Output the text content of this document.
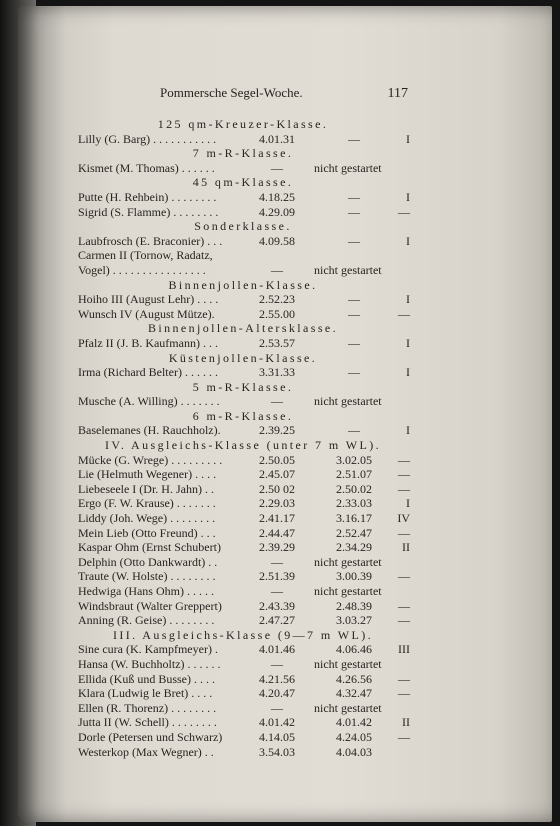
Pommersche Segel-Woche.	117
125 qm-Kreuzer-Klasse.
Lilly (G. Barg) . . . . . . . . . . .	4.01.31	—	I
7 m-R-Klasse.
Kismet (M. Thomas) . . . . . .	—	nicht gestartet
45 qm-Klasse.
Putte (H. Rehbein) . . . . . . . .	4.18.25	—	I
Sigrid (S. Flamme) . . . . . . . .	4.29.09	—	—
Sonderklasse.
Laubfrosch (E. Braconier) . . .	4.09.58	—	I
Carmen II (Tornow, Radatz,
Vogel) . . . . . . . . . . . . . . . .	—	nicht gestartet
Binnenjollen-Klasse.
Hoiho III (August Lehr) . . . .	2.52.23	—	I
Wunsch IV (August Mütze).	2.55.00	—	—
Binnenjollen-Altersklasse.
Pfalz II (J. B. Kaufmann) . . .	2.53.57	—	I
Küstenjollen-Klasse.
Irma (Richard Belter) . . . . . .	3.31.33	—	I
5 m-R-Klasse.
Musche (A. Willing) . . . . . . .	—	nicht gestartet
6 m-R-Klasse.
Baselemanes (H. Rauchholz).	2.39.25	—	I
IV. Ausgleichs-Klasse (unter 7 m WL).
Mücke (G. Wrege) . . . . . . . . .	2.50.05	3.02.05	—
Lie (Helmuth Wegener) . . . .	2.45.07	2.51.07	—
Liebeseele I (Dr. H. Jahn) . .	2.50 02	2.50.02	—
Ergo (F. W. Krause) . . . . . . .	2.29.03	2.33.03	I
Liddy (Joh. Wege) . . . . . . . .	2.41.17	3.16.17	IV
Mein Lieb (Otto Freund) . . .	2.44.47	2.52.47	—
Kaspar Ohm (Ernst Schubert)	2.39.29	2.34.29	II
Delphin (Otto Dankwardt) . .	—	nicht gestartet
Traute (W. Holste) . . . . . . . .	2.51.39	3.00.39	—
Hedwiga (Hans Ohm) . . . . .	—	nicht gestartet
Windsbraut (Walter Greppert)	2.43.39	2.48.39	—
Anning (R. Geise) . . . . . . . .	2.47.27	3.03.27	—
III. Ausgleichs-Klasse (9—7 m WL).
Sine cura (K. Kampfmeyer) .	4.01.46	4.06.46	III
Hansa (W. Buchholtz) . . . . . .	—	nicht gestartet
Ellida (Kuß und Busse) . . . .	4.21.56	4.26.56	—
Klara (Ludwig le Bret) . . . .	4.20.47	4.32.47	—
Ellen (R. Thorenz) . . . . . . . .	—	nicht gestartet
Jutta II (W. Schell) . . . . . . . .	4.01.42	4.01.42	II
Dorle (Petersen und Schwarz)	4.14.05	4.24.05	—
Westerkop (Max Wegner) . .	3.54.03	4.04.03
